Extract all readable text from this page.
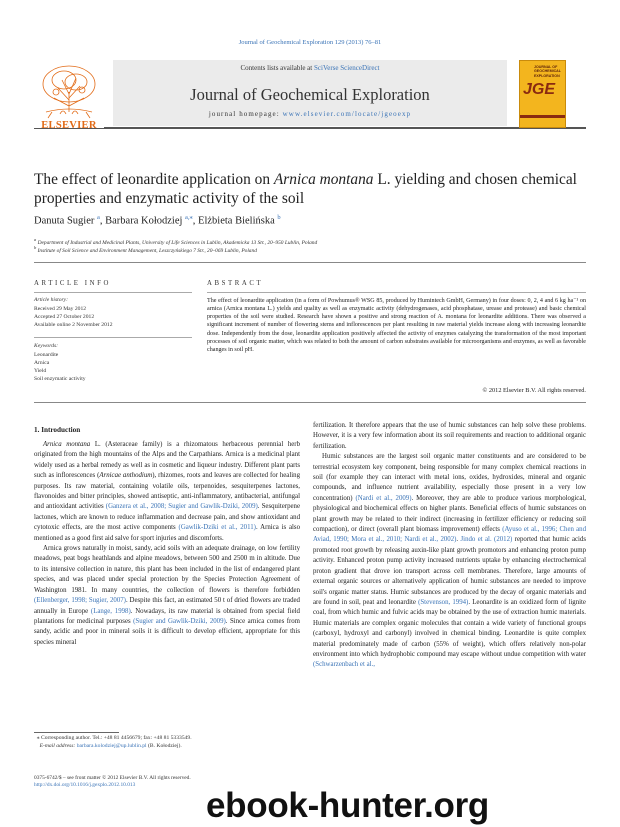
Journal of Geochemical Exploration 129 (2013) 76–81
Contents lists available at SciVerse ScienceDirect
Journal of Geochemical Exploration
journal homepage: www.elsevier.com/locate/jgeoexp
ELSEVIER
JOURNAL OF GEOCHEMICAL EXPLORATION
JGE
The effect of leonardite application on Arnica montana L. yielding and chosen chemical properties and enzymatic activity of the soil
Danuta Sugier $^a$, Barbara Kołodziej $^{a,⁎}$, Elżbieta Bielińska $^b$
$^a$ Department of Industrial and Medicinal Plants, University of Life Sciences in Lublin, Akademicka 13 Str., 20–950 Lublin, Poland
$^b$ Institute of Soil Science and Environment Management, Leszczyńskiego 7 Str., 20–069 Lublin, Poland
ARTICLE INFO
Article history:
Received 29 May 2012
Accepted 27 October 2012
Available online 2 November 2012
Keywords:
Leonardite
Arnica
Yield
Soil enzymatic activity
ABSTRACT
The effect of leonardite application (in a form of Powhumus® WSG 85, produced by Humintech GmbH, Germany) in four doses: 0, 2, 4 and 6 kg ha⁻¹ on arnica (Arnica montana L.) yields and quality as well as enzymatic activity (dehydrogenases, acid phosphatase, urease and protease) and basic chemical properties of the soil were studied. Research have shown a positive and strong reaction of A. montana for leonardite additions. There was observed a significant increment of number of flowering stems and inflorescences per plant resulting in raw material yields increase along with increasing leonardite dose. Independently from the dose, leonardite application positively affected the activity of enzymes catalyzing the transformation of the most important processes of soil organic matter, which was related to both the amount of carbon substrates available for microorganisms and enzymes, as well as favorable changes in soil pH.
© 2012 Elsevier B.V. All rights reserved.
1. Introduction

Arnica montana L. (Asteraceae family) is a rhizomatous herbaceous perennial herb originated from the high mountains of the Alps and the Carpathians. Arnica is a medicinal plant widely used as a herbal remedy as well as in cosmetic and liqueur industry. Different plant parts such as inflorescences (Arnicae anthodium), rhizomes, roots and leaves are collected for healing purposes. Its raw material, containing volatile oils, terpenoides, sesquiterpenes lactones, flavonoides and bitter principles, showed antiseptic, anti-inflammatory, antibacterial, antifungal and antioxidant activities (Ganzera et al., 2008; Sugier and Gawlik-Dziki, 2009). Sesquiterpene lactones, which are known to reduce inflammation and decrease pain, and show antioxidant and cytotoxic effects, are the most active components (Gawlik-Dziki et al., 2011). Arnica is also mentioned as a good first aid salve for sport injuries and discomforts.

Arnica grows naturally in moist, sandy, acid soils with an adequate drainage, on low fertility meadows, peat bogs heathlands and alpine meadows, between 500 and 2500 m in altitude. Due to its intensive collection in nature, this plant has been included in the list of endangered plant species, and was placed under special protection by the Species Protection Agreement of Washington 1981. In many countries, the collection of flowers is therefore forbidden (Ellenberger, 1998; Sugier, 2007). Despite this fact, an estimated 50 t of dried flowers are traded annually in Europe (Lange, 1998). Nowadays, its raw material is obtained from special field plantations for medicinal purposes (Sugier and Gawlik-Dziki, 2009). Since arnica comes from sandy, acidic and poor in mineral soils it is difficult to develop efficient, appropriate for this species mineral

fertilization. It therefore appears that the use of humic substances can help solve these problems. However, it is a very few information about its soil requirements and reaction to additional organic fertilization.

Humic substances are the largest soil organic matter constituents and are considered to be terrestrial ecosystem key component, being responsible for many complex chemical reactions in soil (for example they can interact with metal ions, oxides, hydroxides, mineral and organic compounds, and influence nutrient availability, especially those present in a very low concentration) (Nardi et al., 2009). Moreover, they are able to produce various morphological, physiological and biochemical effects on higher plants. Beneficial effects of humic substances on plant growth may be related to their indirect (increasing in fertilizer efficiency or reducing soil compaction), or direct (overall plant biomass improvement) effects (Ayuso et al., 1996; Chen and Aviad, 1990; Mora et al., 2010; Nardi et al., 2002). Jindo et al. (2012) reported that humic acids promoted root growth by releasing auxin-like plant growth promotors and enhancing proton pump activity. Enhanced proton pump activity increased nutrients uptake by enhancing electrochemical proton gradient that drove ion transport across cell membranes. Therefore, large amounts of external organic sources or alternatively application of humic substances are needed to improve soil's organic matter status. Humic substances are produced by the decay of organic materials and are found in soil, peat and leonardite (Stevenson, 1994). Leonardite is an oxidized form of lignite coal, from which humic and fulvic acids may be obtained by the use of extraction humic materials. Humic materials are complex organic molecules that contain a wide variety of functional groups (carboxyl, hydroxyl and carbonyl) involved in chemical binding. Leonardite is quite complex material predominately made of carbon (55% of weight), which offers relatively non-polar environment into which hydrophobic compound may escape without undue competition with water (Schwarzenbach et al.,

⁎ Corresponding author. Tel.: +48 81 4456679; fax: +48 81 5333549.
E-mail address: barbara.kolodziej@up.lublin.pl (B. Kołodziej).
0375-6742/$ – see front matter © 2012 Elsevier B.V. All rights reserved.
http://dx.doi.org/10.1016/j.gexplo.2012.10.013
ebook-hunter.org
